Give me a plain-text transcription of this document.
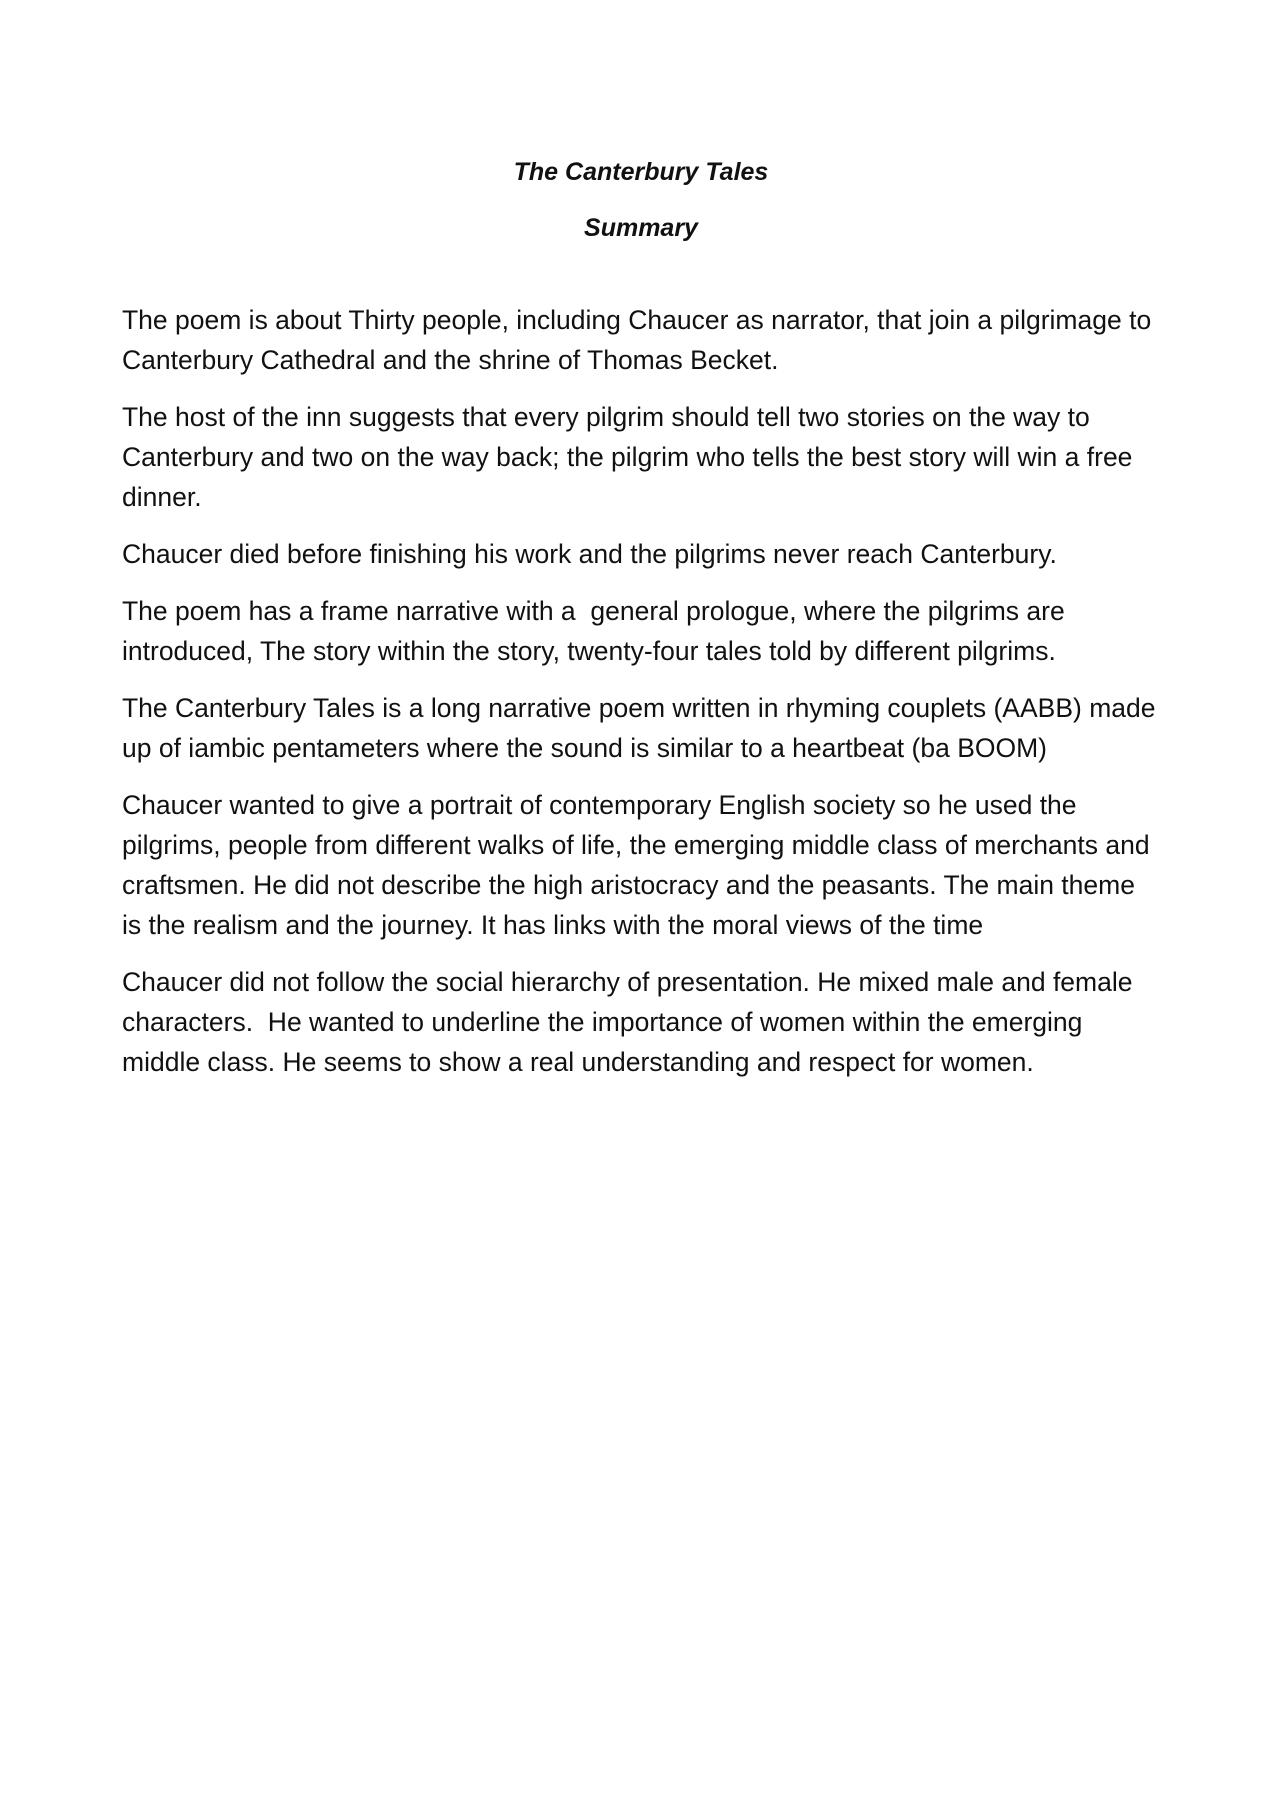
The Canterbury Tales

Summary

The poem is about Thirty people, including Chaucer as narrator, that join a pilgrimage to Canterbury Cathedral and the shrine of Thomas Becket.

The host of the inn suggests that every pilgrim should tell two stories on the way to Canterbury and two on the way back; the pilgrim who tells the best story will win a free dinner.

Chaucer died before finishing his work and the pilgrims never reach Canterbury.

The poem has a frame narrative with a  general prologue, where the pilgrims are introduced, The story within the story, twenty-four tales told by different pilgrims.

The Canterbury Tales is a long narrative poem written in rhyming couplets (AABB) made up of iambic pentameters where the sound is similar to a heartbeat (ba BOOM)

Chaucer wanted to give a portrait of contemporary English society so he used the pilgrims, people from different walks of life, the emerging middle class of merchants and craftsmen. He did not describe the high aristocracy and the peasants. The main theme is the realism and the journey. It has links with the moral views of the time

Chaucer did not follow the social hierarchy of presentation. He mixed male and female characters.  He wanted to underline the importance of women within the emerging middle class. He seems to show a real understanding and respect for women.
